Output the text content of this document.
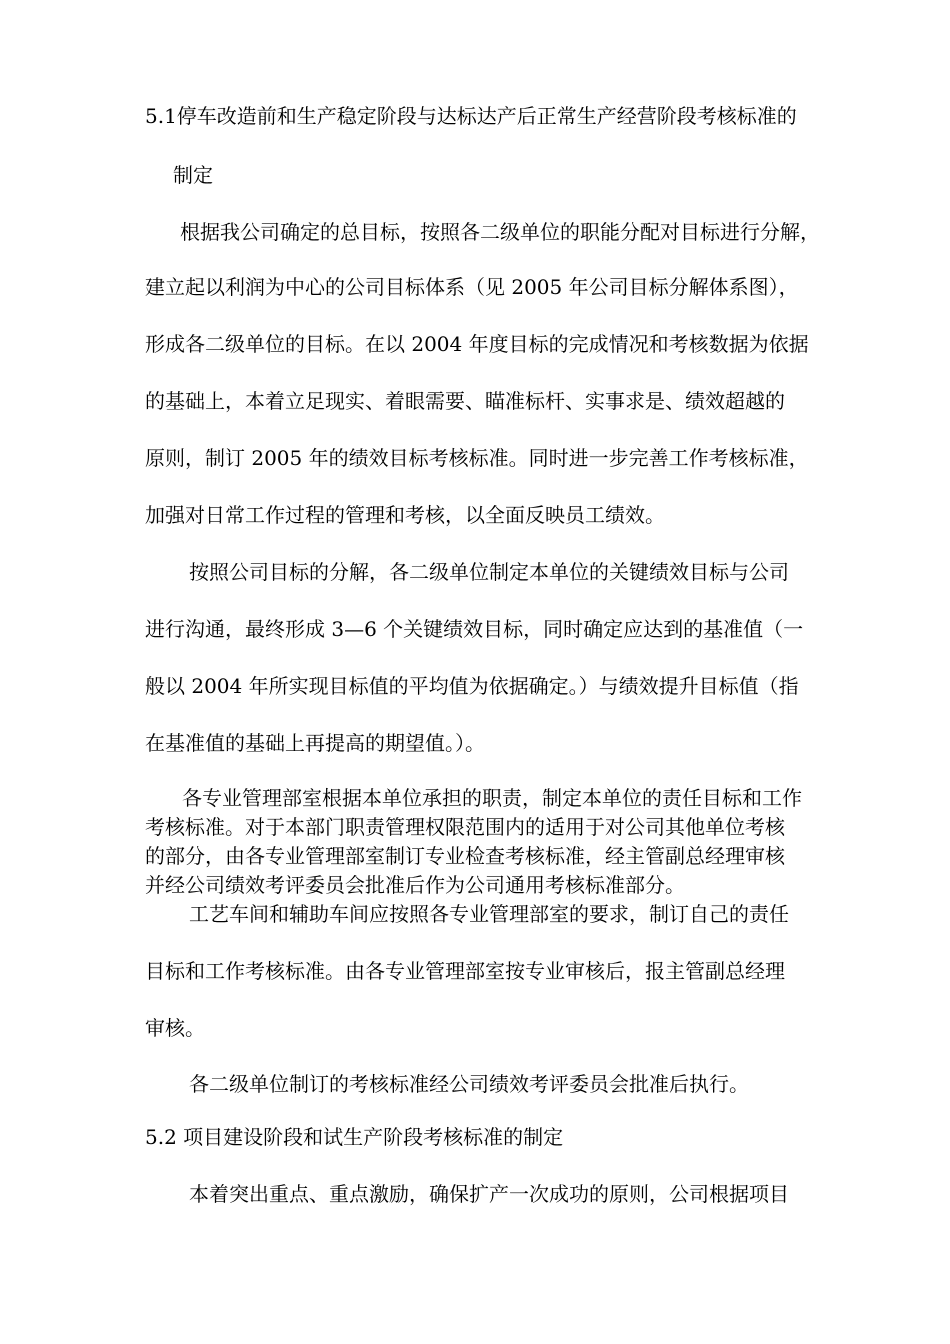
5.1停车改造前和生产稳定阶段与达标达产后正常生产经营阶段考核标准的

制定

根据我公司确定的总目标，按照各二级单位的职能分配对目标进行分解，

建立起以利润为中心的公司目标体系（见 2005 年公司目标分解体系图），

形成各二级单位的目标。在以 2004 年度目标的完成情况和考核数据为依据

的基础上，本着立足现实、着眼需要、瞄准标杆、实事求是、绩效超越的

原则，制订 2005 年的绩效目标考核标准。同时进一步完善工作考核标准，

加强对日常工作过程的管理和考核，以全面反映员工绩效。

按照公司目标的分解，各二级单位制定本单位的关键绩效目标与公司

进行沟通，最终形成 3—6 个关键绩效目标，同时确定应达到的基准值（一

般以 2004 年所实现目标值的平均值为依据确定。）与绩效提升目标值（指

在基准值的基础上再提高的期望值。）。

各专业管理部室根据本单位承担的职责，制定本单位的责任目标和工作

考核标准。对于本部门职责管理权限范围内的适用于对公司其他单位考核

的部分，由各专业管理部室制订专业检查考核标准，经主管副总经理审核

并经公司绩效考评委员会批准后作为公司通用考核标准部分。

工艺车间和辅助车间应按照各专业管理部室的要求，制订自己的责任

目标和工作考核标准。由各专业管理部室按专业审核后，报主管副总经理

审核。

各二级单位制订的考核标准经公司绩效考评委员会批准后执行。

5.2 项目建设阶段和试生产阶段考核标准的制定

本着突出重点、重点激励，确保扩产一次成功的原则，公司根据项目
